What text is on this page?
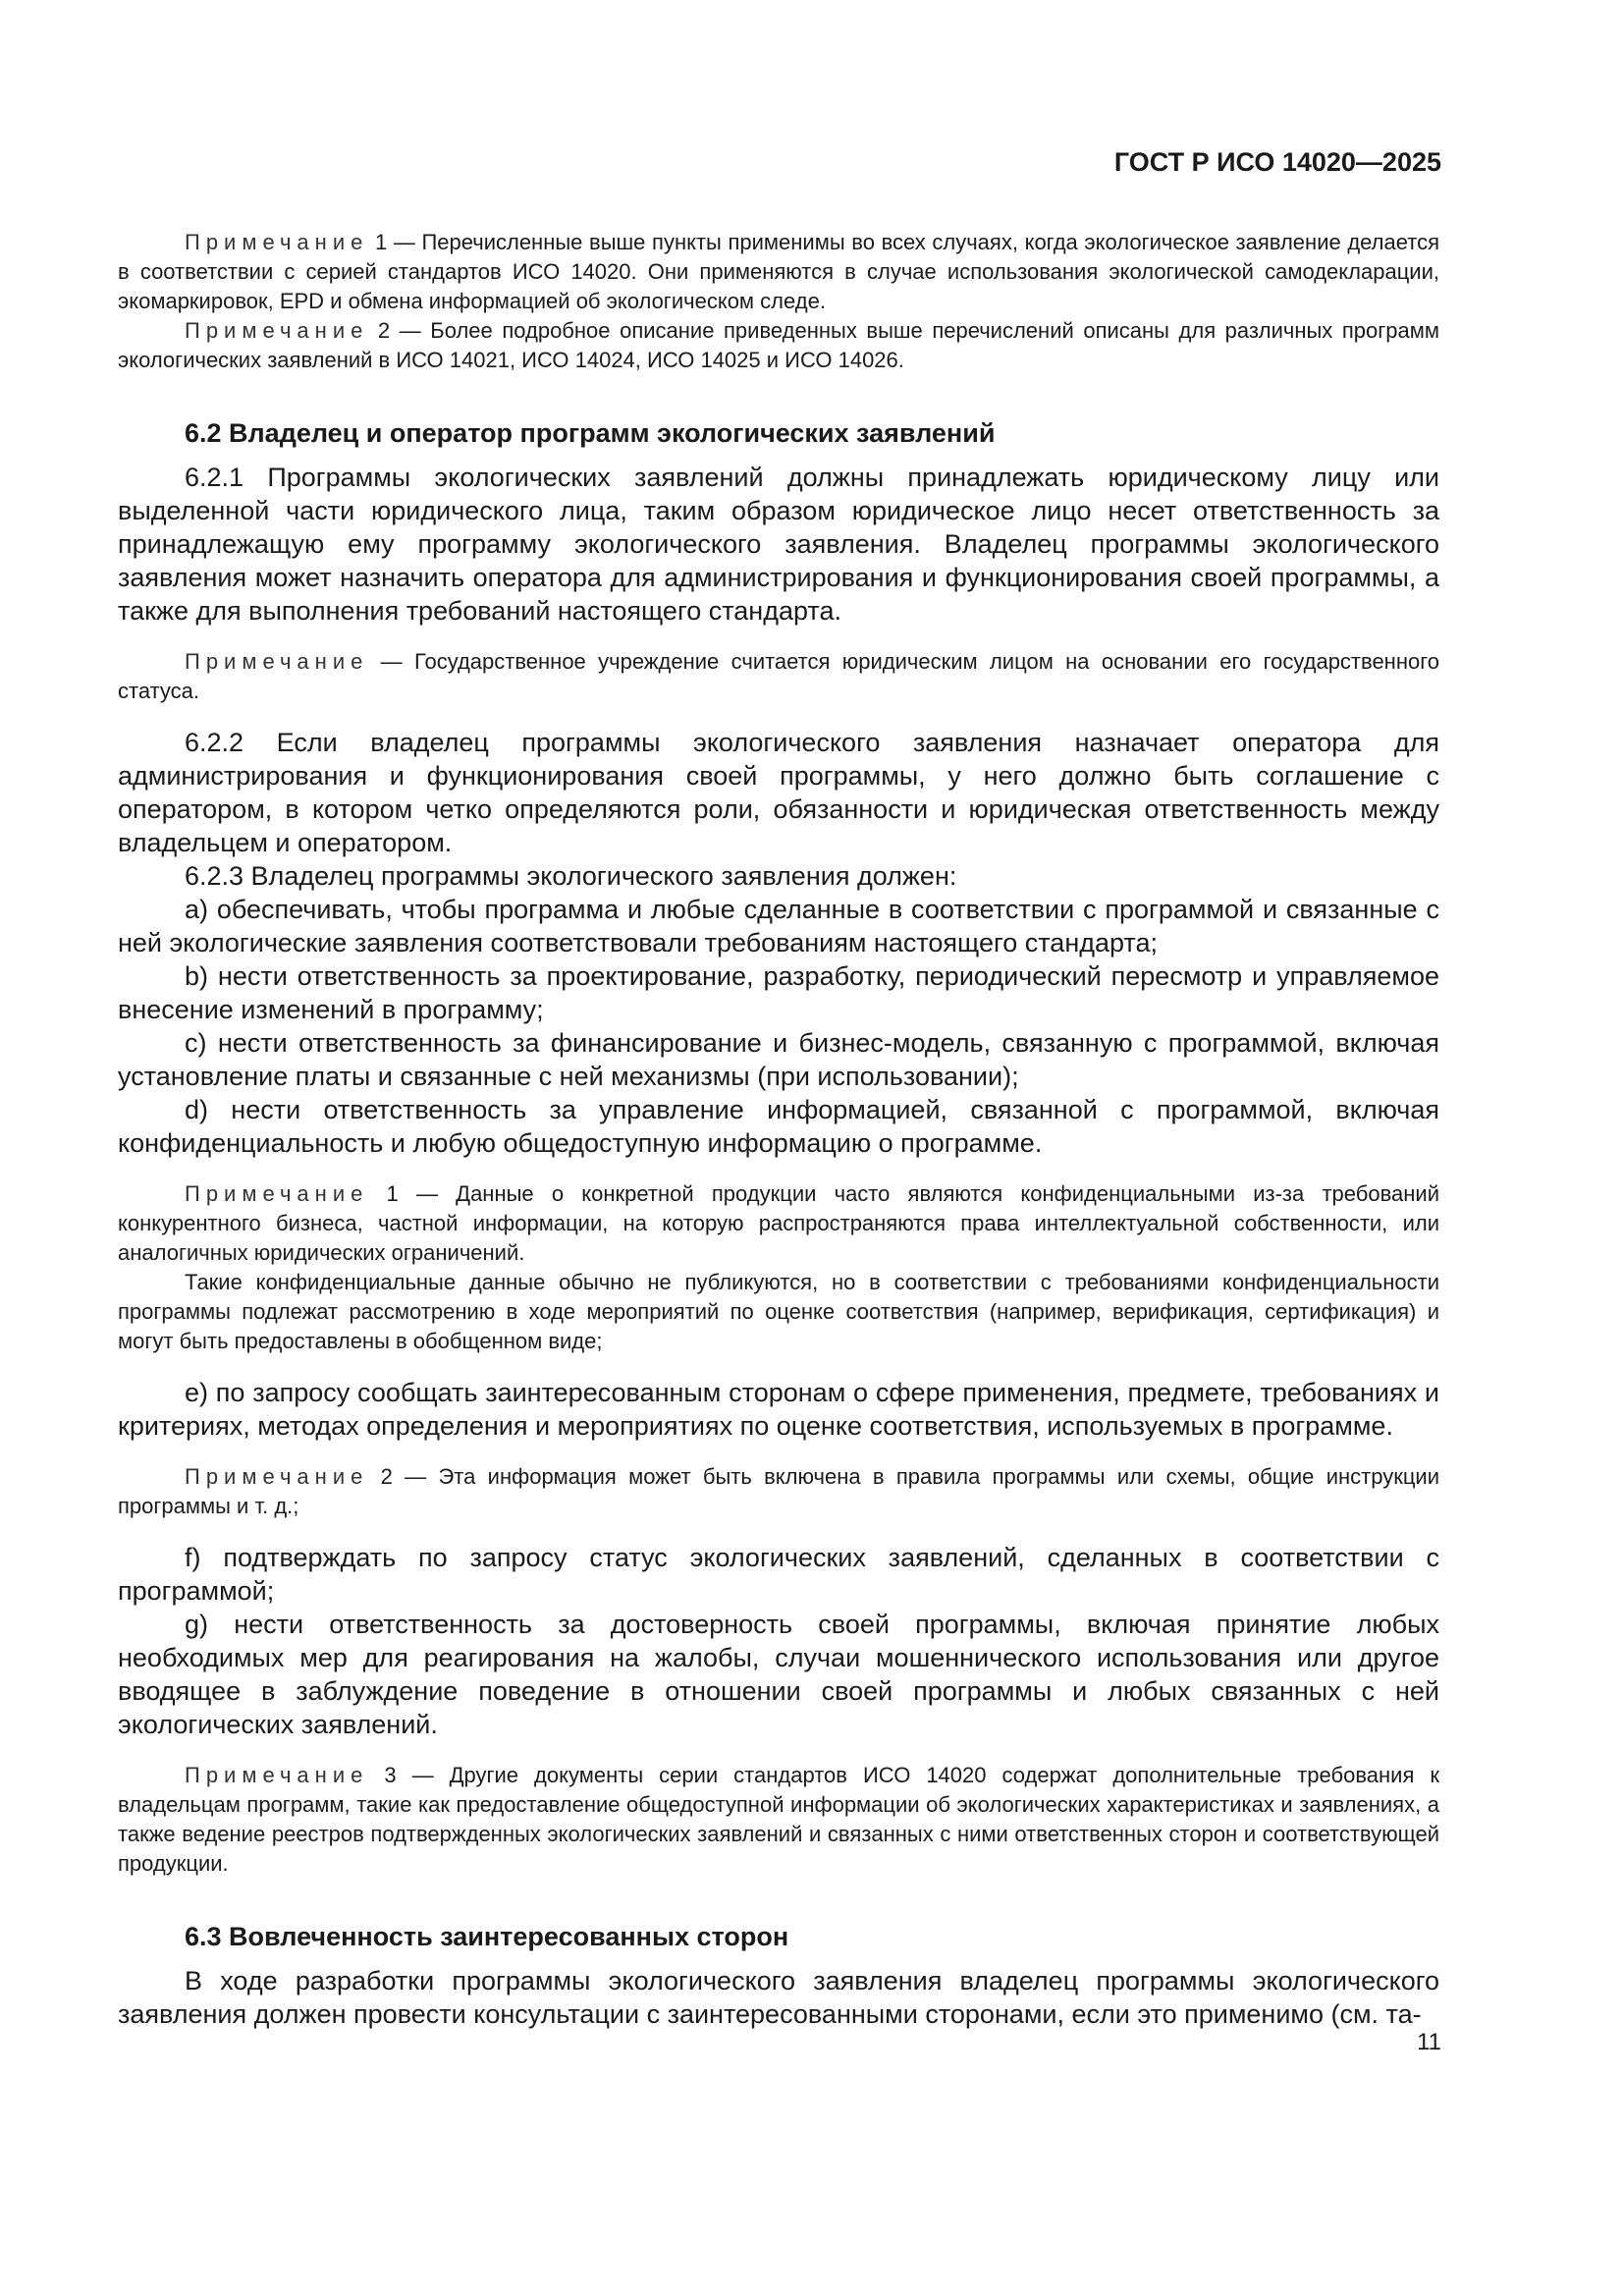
ГОСТ Р ИСО 14020—2025

Примечание 1 — Перечисленные выше пункты применимы во всех случаях, когда экологическое заявление делается в соответствии с серией стандартов ИСО 14020. Они применяются в случае использования экологической самодекларации, экомаркировок, EPD и обмена информацией об экологическом следе.

Примечание 2 — Более подробное описание приведенных выше перечислений описаны для различных программ экологических заявлений в ИСО 14021, ИСО 14024, ИСО 14025 и ИСО 14026.

6.2 Владелец и оператор программ экологических заявлений

6.2.1 Программы экологических заявлений должны принадлежать юридическому лицу или выделенной части юридического лица, таким образом юридическое лицо несет ответственность за принадлежащую ему программу экологического заявления. Владелец программы экологического заявления может назначить оператора для администрирования и функционирования своей программы, а также для выполнения требований настоящего стандарта.

Примечание — Государственное учреждение считается юридическим лицом на основании его государственного статуса.

6.2.2 Если владелец программы экологического заявления назначает оператора для администрирования и функционирования своей программы, у него должно быть соглашение с оператором, в котором четко определяются роли, обязанности и юридическая ответственность между владельцем и оператором.

6.2.3 Владелец программы экологического заявления должен:

a) обеспечивать, чтобы программа и любые сделанные в соответствии с программой и связанные с ней экологические заявления соответствовали требованиям настоящего стандарта;

b) нести ответственность за проектирование, разработку, периодический пересмотр и управляемое внесение изменений в программу;

c) нести ответственность за финансирование и бизнес-модель, связанную с программой, включая установление платы и связанные с ней механизмы (при использовании);

d) нести ответственность за управление информацией, связанной с программой, включая конфиденциальность и любую общедоступную информацию о программе.

Примечание 1 — Данные о конкретной продукции часто являются конфиденциальными из-за требований конкурентного бизнеса, частной информации, на которую распространяются права интеллектуальной собственности, или аналогичных юридических ограничений.

Такие конфиденциальные данные обычно не публикуются, но в соответствии с требованиями конфиденциальности программы подлежат рассмотрению в ходе мероприятий по оценке соответствия (например, верификация, сертификация) и могут быть предоставлены в обобщенном виде;

e) по запросу сообщать заинтересованным сторонам о сфере применения, предмете, требованиях и критериях, методах определения и мероприятиях по оценке соответствия, используемых в программе.

Примечание 2 — Эта информация может быть включена в правила программы или схемы, общие инструкции программы и т. д.;

f) подтверждать по запросу статус экологических заявлений, сделанных в соответствии с программой;

g) нести ответственность за достоверность своей программы, включая принятие любых необходимых мер для реагирования на жалобы, случаи мошеннического использования или другое вводящее в заблуждение поведение в отношении своей программы и любых связанных с ней экологических заявлений.

Примечание 3 — Другие документы серии стандартов ИСО 14020 содержат дополнительные требования к владельцам программ, такие как предоставление общедоступной информации об экологических характеристиках и заявлениях, а также ведение реестров подтвержденных экологических заявлений и связанных с ними ответственных сторон и соответствующей продукции.

6.3 Вовлеченность заинтересованных сторон

В ходе разработки программы экологического заявления владелец программы экологического заявления должен провести консультации с заинтересованными сторонами, если это применимо (см. та-

11
